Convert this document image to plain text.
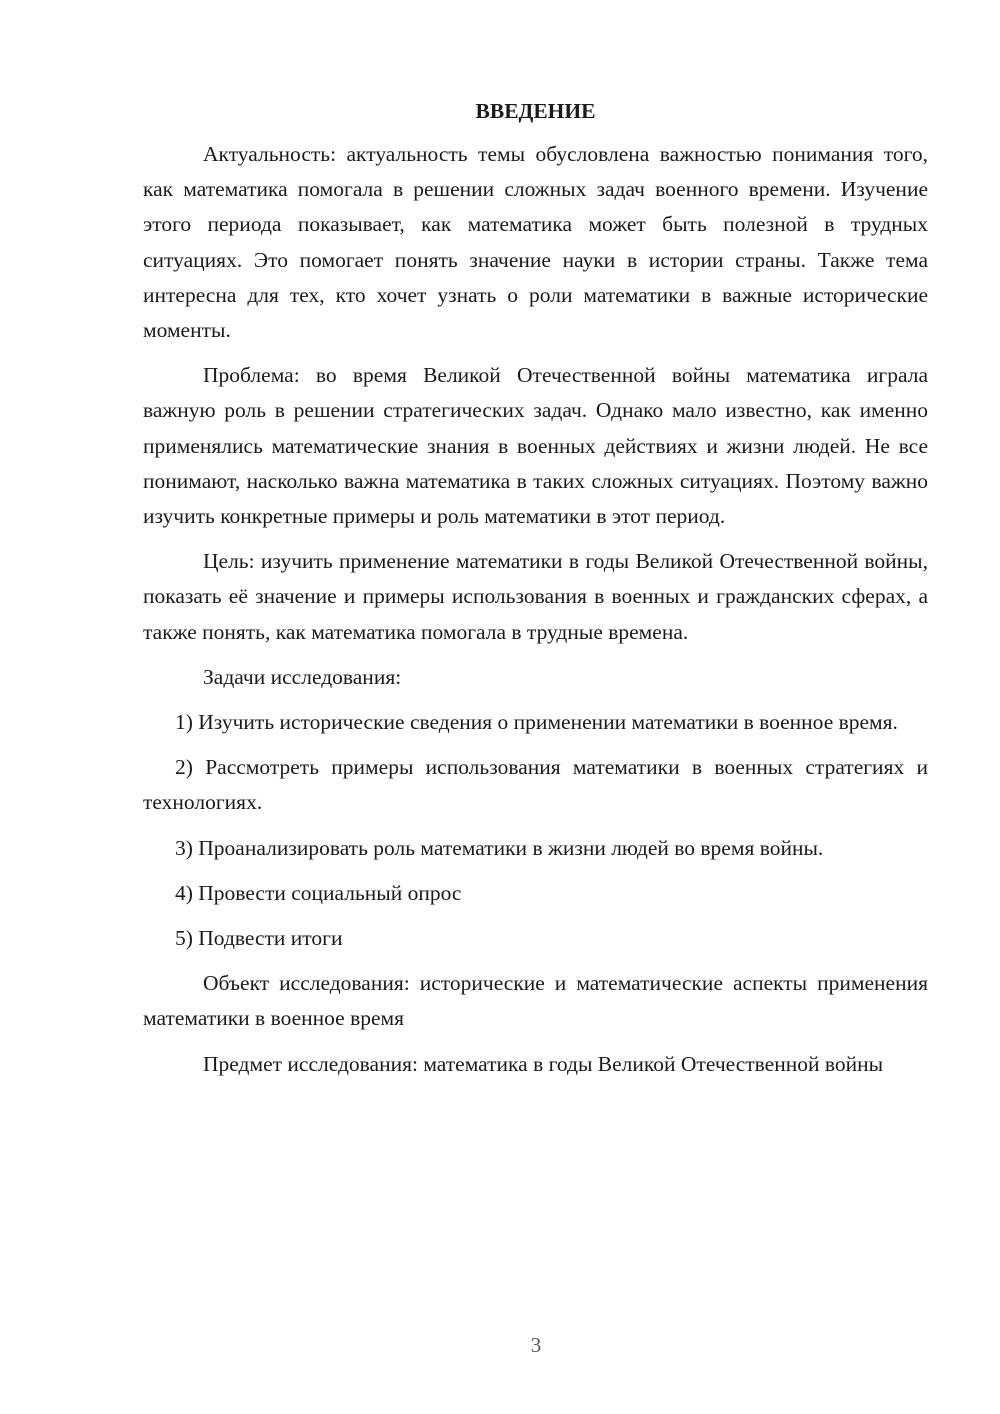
ВВЕДЕНИЕ

Актуальность: актуальность темы обусловлена важностью понимания того, как математика помогала в решении сложных задач военного времени. Изучение этого периода показывает, как математика может быть полезной в трудных ситуациях. Это помогает понять значение науки в истории страны. Также тема интересна для тех, кто хочет узнать о роли математики в важные исторические моменты.

Проблема: во время Великой Отечественной войны математика играла важную роль в решении стратегических задач. Однако мало известно, как именно применялись математические знания в военных действиях и жизни людей. Не все понимают, насколько важна математика в таких сложных ситуациях. Поэтому важно изучить конкретные примеры и роль математики в этот период.

Цель: изучить применение математики в годы Великой Отечественной войны, показать её значение и примеры использования в военных и гражданских сферах, а также понять, как математика помогала в трудные времена.

Задачи исследования:

1) Изучить исторические сведения о применении математики в военное время.

2) Рассмотреть примеры использования математики в военных стратегиях и технологиях.

3) Проанализировать роль математики в жизни людей во время войны.

4) Провести социальный опрос

5) Подвести итоги

Объект исследования: исторические и математические аспекты применения математики в военное время

Предмет исследования: математика в годы Великой Отечественной войны

3
